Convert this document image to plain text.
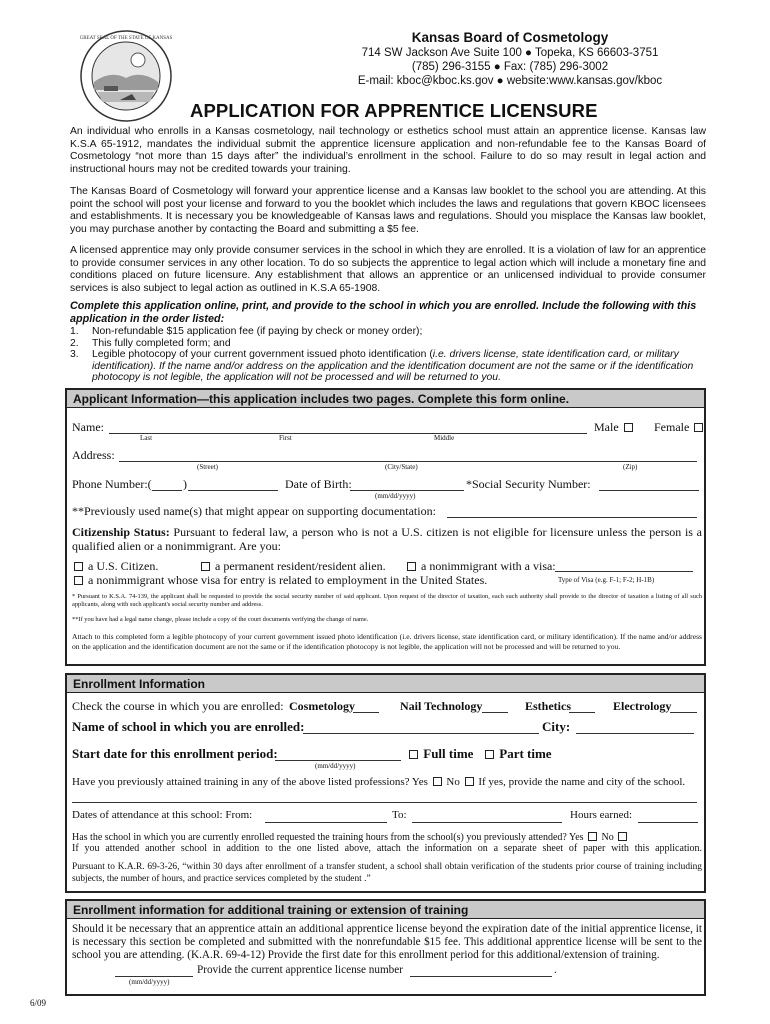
GREAT SEAL OF THE STATE OF KANSAS	Kansas Board of Cosmetology
714 SW Jackson Ave Suite 100 ● Topeka, KS 66603-3751
(785) 296-3155 ● Fax: (785) 296-3002
E-mail: kboc@kboc.ks.gov ● website:www.kansas.gov/kboc
APPLICATION FOR APPRENTICE LICENSURE
An individual who enrolls in a Kansas cosmetology, nail technology or esthetics school must attain an apprentice license. Kansas law K.S.A 65-1912, mandates the individual submit the apprentice licensure application and non-refundable fee to the Kansas Board of Cosmetology “not more than 15 days after” the individual’s enrollment in the school. Failure to do so may result in legal action and instructional hours may not be credited towards your training.
The Kansas Board of Cosmetology will forward your apprentice license and a Kansas law booklet to the school you are attending. At this point the school will post your license and forward to you the booklet which includes the laws and regulations that govern KBOC licensees and establishments. It is necessary you be knowledgeable of Kansas laws and regulations. Should you misplace the Kansas law booklet, you may purchase another by contacting the Board and submitting a $5 fee.
A licensed apprentice may only provide consumer services in the school in which they are enrolled. It is a violation of law for an apprentice to provide consumer services in any other location. To do so subjects the apprentice to legal action which will include a monetary fine and conditions placed on future licensure. Any establishment that allows an apprentice or an unlicensed individual to provide consumer services is also subject to legal action as outlined in K.S.A 65-1908.
Complete this application online, print, and provide to the school in which you are enrolled. Include the following with this application in the order listed:
1.	Non-refundable $15 application fee (if paying by check or money order);
2.	This fully completed form; and
3.	Legible photocopy of your current government issued photo identification (i.e. drivers license, state identification card, or military identification). If the name and/or address on the application and the identification document are not the same or if the identification photocopy is not legible, the application will not be processed and will be returned to you.
Applicant Information—this application includes two pages. Complete this form online.
Name:
Last	First	Middle
Male	Female
Address:
(Street)	(City/State)	(Zip)
Phone Number:(	)	Date of Birth:
(mm/dd/yyyy)
*Social Security Number:
**Previously used name(s) that might appear on supporting documentation:
Citizenship Status: Pursuant to federal law, a person who is not a U.S. citizen is not eligible for licensure unless the person is a qualified alien or a nonimmigrant. Are you:
a U.S. Citizen.	a permanent resident/resident alien.	a nonimmigrant with a visa:
a nonimmigrant whose visa for entry is related to employment in the United States.	Type of Visa (e.g. F-1; F-2; H-1B)
* Pursuant to K.S.A. 74-139, the applicant shall be requested to provide the social security number of said applicant. Upon request of the director of taxation, each such authority shall provide to the director of taxation a listing of all such applicants, along with such applicant's social security number and address.
**If you have had a legal name change, please include a copy of the court documents verifying the change of name.
Attach to this completed form a legible photocopy of your current government issued photo identification (i.e. drivers license, state identification card, or military identification). If the name and/or address on the application and the identification document are not the same or if the identification photocopy is not legible, the application will not be processed and will be returned to you.
Enrollment Information
Check the course in which you are enrolled: Cosmetology	Nail Technology	Esthetics	Electrology
Name of school in which you are enrolled:	City:
Start date for this enrollment period:
(mm/dd/yyyy)
Full time	Part time
Have you previously attained training in any of the above listed professions? Yes No If yes, provide the name and city of the school.
Dates of attendance at this school: From:	To:	Hours earned:
Has the school in which you are currently enrolled requested the training hours from the school(s) you previously attended? Yes No
If you attended another school in addition to the one listed above, attach the information on a separate sheet of paper with this application.
Pursuant to K.A.R. 69-3-26, “within 30 days after enrollment of a transfer student, a school shall obtain verification of the students prior course of training including subjects, the number of hours, and practice services completed by the student .”
Enrollment information for additional training or extension of training
Should it be necessary that an apprentice attain an additional apprentice license beyond the expiration date of the initial apprentice license, it is necessary this section be completed and submitted with the nonrefundable $15 fee. This additional apprentice license will be sent to the school you are attending. (K.A.R. 69-4-12) Provide the first date for this enrollment period for this additional/extension of training.
(mm/dd/yyyy)
Provide the current apprentice license number	.
6/09
